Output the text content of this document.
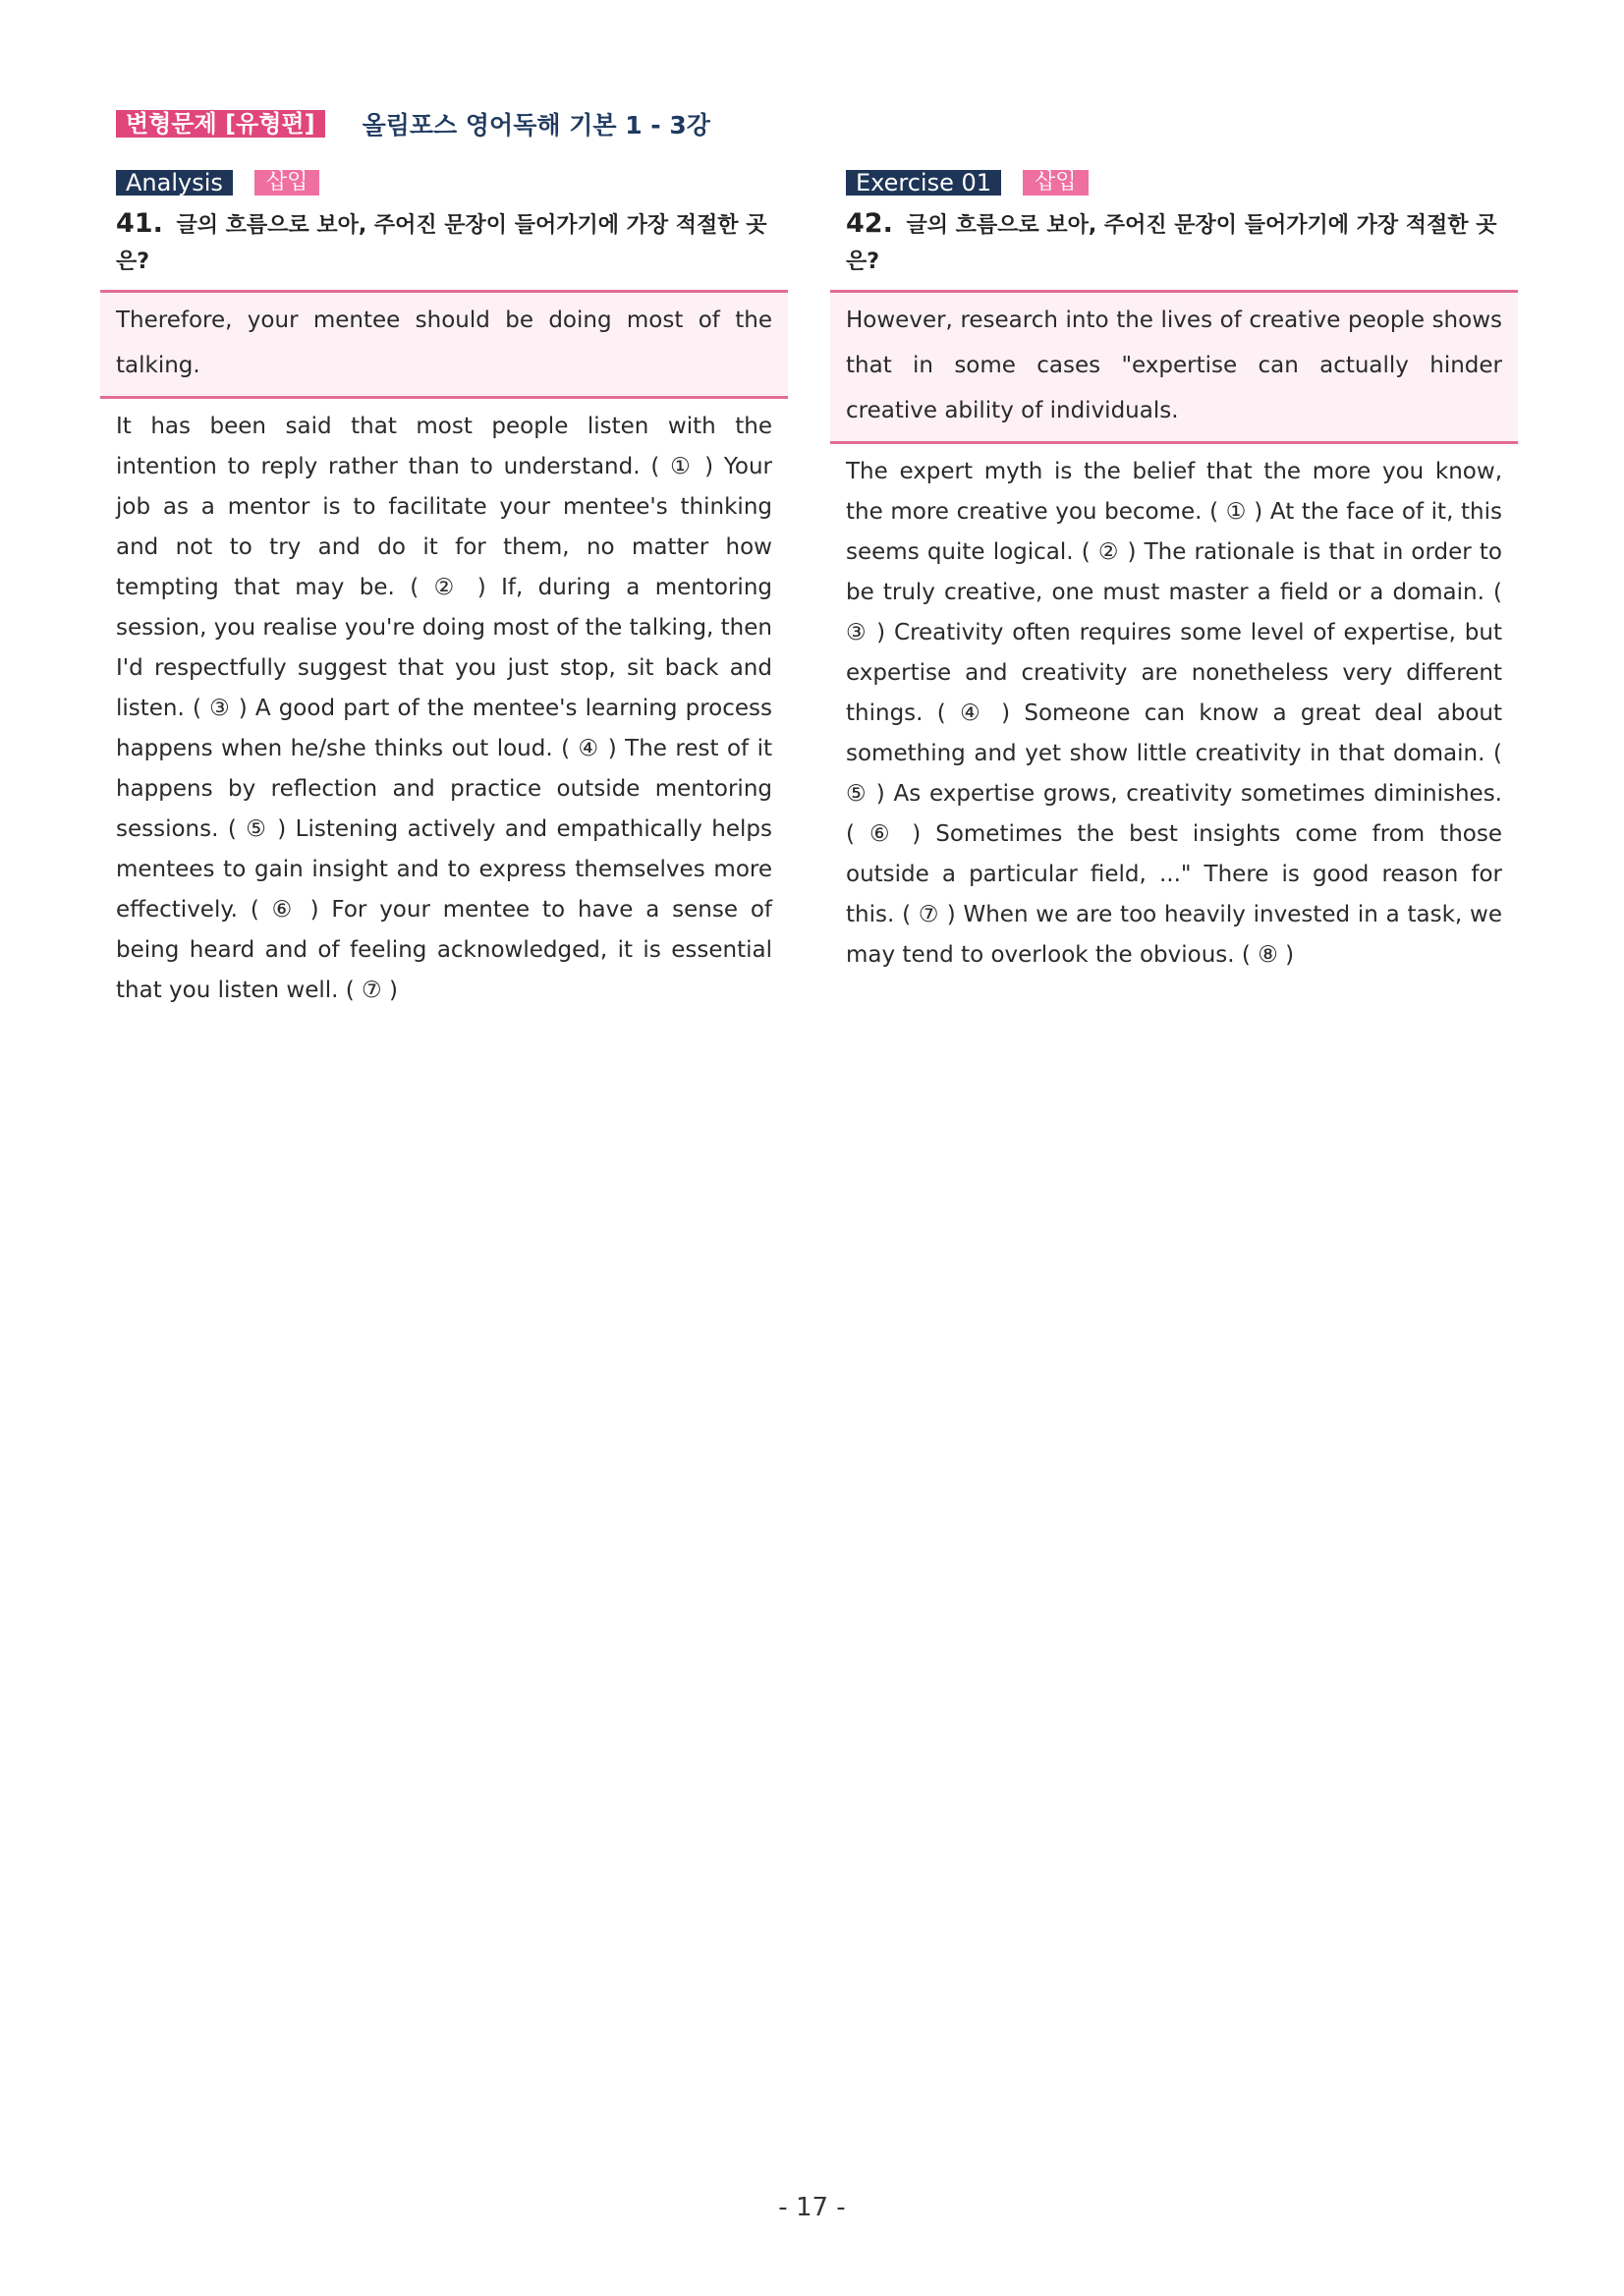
변형문제 [유형편]	올림포스 영어독해 기본 1 - 3강
Analysis	삽입
41. 글의 흐름으로 보아, 주어진 문장이 들어가기에 가장 적절한 곳은?
Therefore, your mentee should be doing most of the talking.
It has been said that most people listen with the intention to reply rather than to understand. ( ① ) Your job as a mentor is to facilitate your mentee's thinking and not to try and do it for them, no matter how tempting that may be. ( ② ) If, during a mentoring session, you realise you're doing most of the talking, then I'd respectfully suggest that you just stop, sit back and listen. ( ③ ) A good part of the mentee's learning process happens when he/she thinks out loud. ( ④ ) The rest of it happens by reflection and practice outside mentoring sessions. ( ⑤ ) Listening actively and empathically helps mentees to gain insight and to express themselves more effectively. ( ⑥ ) For your mentee to have a sense of being heard and of feeling acknowledged, it is essential that you listen well. ( ⑦ )
Exercise 01	삽입
42. 글의 흐름으로 보아, 주어진 문장이 들어가기에 가장 적절한 곳은?
However, research into the lives of creative people shows that in some cases "expertise can actually hinder creative ability of individuals.
The expert myth is the belief that the more you know, the more creative you become. ( ① ) At the face of it, this seems quite logical. ( ② ) The rationale is that in order to be truly creative, one must master a field or a domain. ( ③ ) Creativity often requires some level of expertise, but expertise and creativity are nonetheless very different things. ( ④ ) Someone can know a great deal about something and yet show little creativity in that domain. ( ⑤ ) As expertise grows, creativity sometimes diminishes. ( ⑥ ) Sometimes the best insights come from those outside a particular field, ..." There is good reason for this. ( ⑦ ) When we are too heavily invested in a task, we may tend to overlook the obvious. ( ⑧ )
- 17 -
